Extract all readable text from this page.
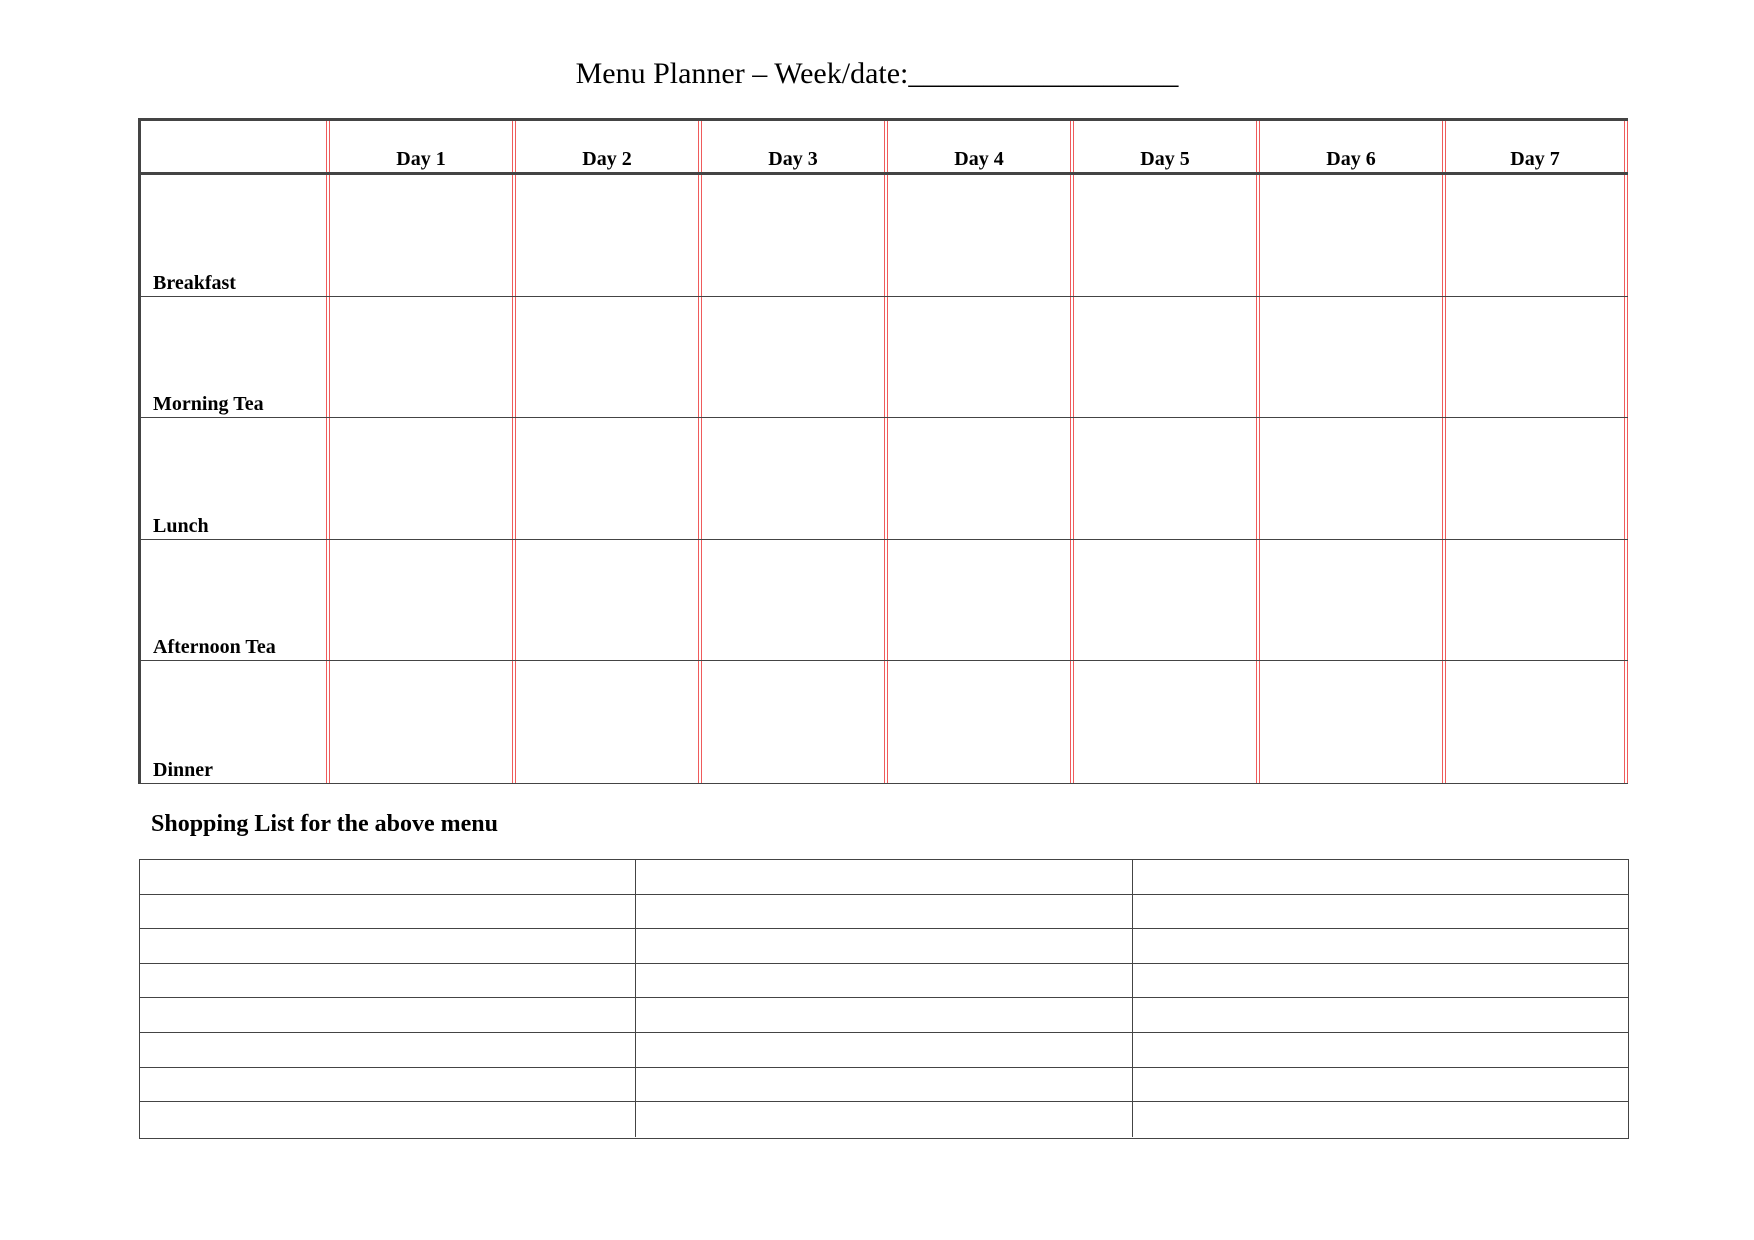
Menu Planner – Week/date:__________________
Day 1	Day 2	Day 3	Day 4	Day 5	Day 6	Day 7
Breakfast
Morning Tea
Lunch
Afternoon Tea
Dinner
Shopping List for the above menu
